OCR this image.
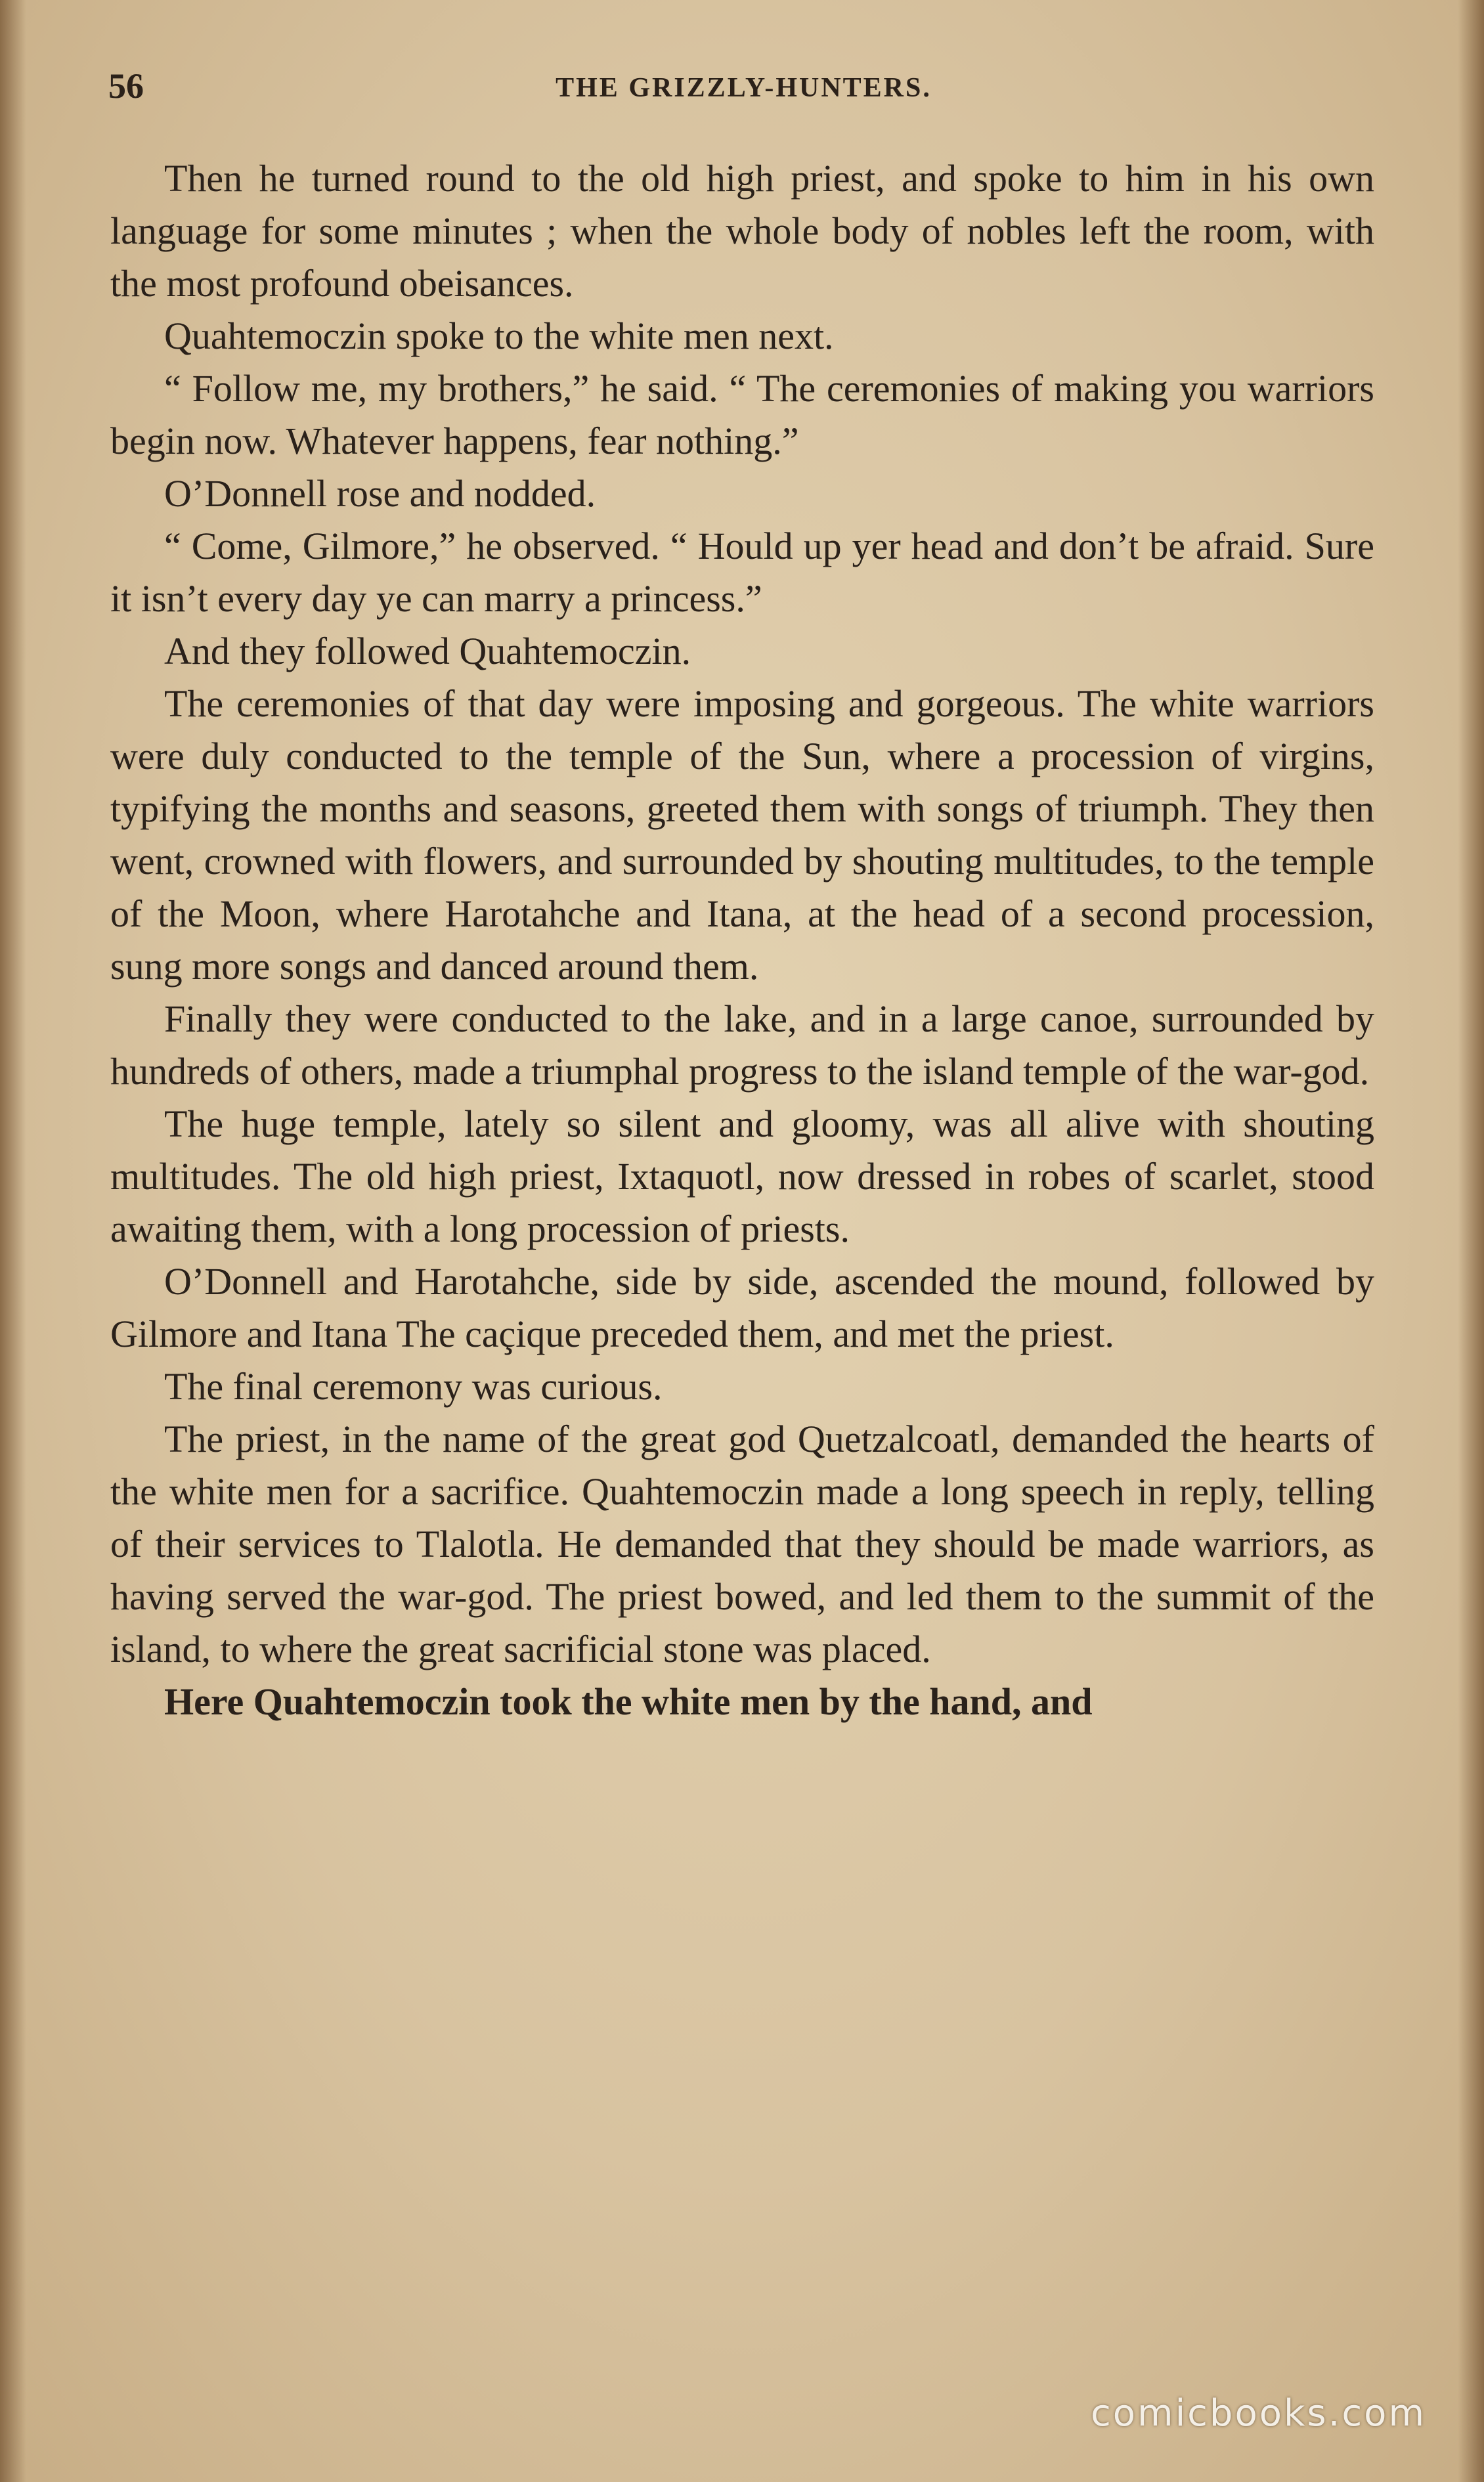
56	THE GRIZZLY-HUNTERS.

Then he turned round to the old high priest, and spoke to him in his own language for some minutes ; when the whole body of nobles left the room, with the most profound obeisances.

Quahtemoczin spoke to the white men next.

“ Follow me, my brothers,” he said. “ The ceremonies of making you warriors begin now. Whatever happens, fear nothing.”

O’Donnell rose and nodded.

“ Come, Gilmore,” he observed. “ Hould up yer head and don’t be afraid. Sure it isn’t every day ye can marry a princess.”

And they followed Quahtemoczin.

The ceremonies of that day were imposing and gorgeous. The white warriors were duly conducted to the temple of the Sun, where a procession of virgins, typifying the months and seasons, greeted them with songs of triumph. They then went, crowned with flowers, and surrounded by shouting multitudes, to the temple of the Moon, where Harotahche and Itana, at the head of a second procession, sung more songs and danced around them.

Finally they were conducted to the lake, and in a large canoe, surrounded by hundreds of others, made a triumphal progress to the island temple of the war-god.

The huge temple, lately so silent and gloomy, was all alive with shouting multitudes. The old high priest, Ixtaquotl, now dressed in robes of scarlet, stood awaiting them, with a long procession of priests.

O’Donnell and Harotahche, side by side, ascended the mound, followed by Gilmore and Itana The caçique preceded them, and met the priest.

The final ceremony was curious.

The priest, in the name of the great god Quetzalcoatl, demanded the hearts of the white men for a sacrifice. Quahtemoczin made a long speech in reply, telling of their services to Tlalotla. He demanded that they should be made warriors, as having served the war-god. The priest bowed, and led them to the summit of the island, to where the great sacrificial stone was placed.

Here Quahtemoczin took the white men by the hand, and

comicbooks.com
